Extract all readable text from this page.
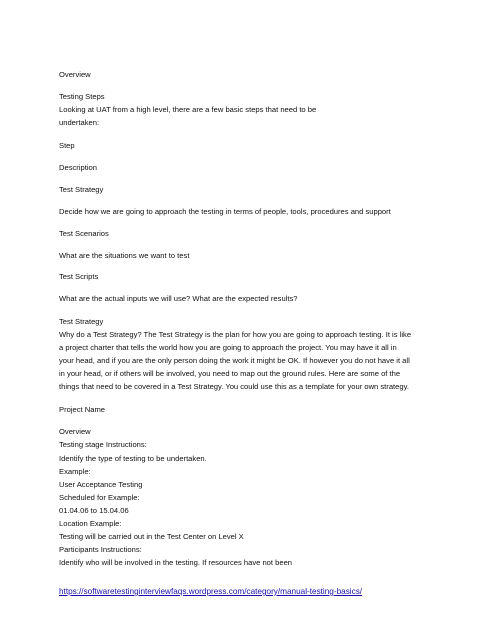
Overview
Testing Steps
Looking at UAT from a high level, there are a few basic steps that need to be
undertaken:
Step
Description
Test Strategy
Decide how we are going to approach the testing in terms of people, tools, procedures and support
Test Scenarios
What are the situations we want to test
Test Scripts
What are the actual inputs we will use? What are the expected results?
Test Strategy
Why do a Test Strategy? The Test Strategy is the plan for how you are going to approach testing. It is like
a project charter that tells the world how you are going to approach the project. You may have it all in
your head, and if you are the only person doing the work it might be OK. If however you do not have it all
in your head, or if others will be involved, you need to map out the ground rules. Here are some of the
things that need to be covered in a Test Strategy. You could use this as a template for your own strategy.
Project Name
Overview
Testing stage Instructions:
Identify the type of testing to be undertaken.
Example:
User Acceptance Testing
Scheduled for Example:
01.04.06 to 15.04.06
Location Example:
Testing will be carried out in the Test Center on Level X
Participants Instructions:
Identify who will be involved in the testing. If resources have not been
https://softwaretestinginterviewfaqs.wordpress.com/category/manual-testing-basics/
